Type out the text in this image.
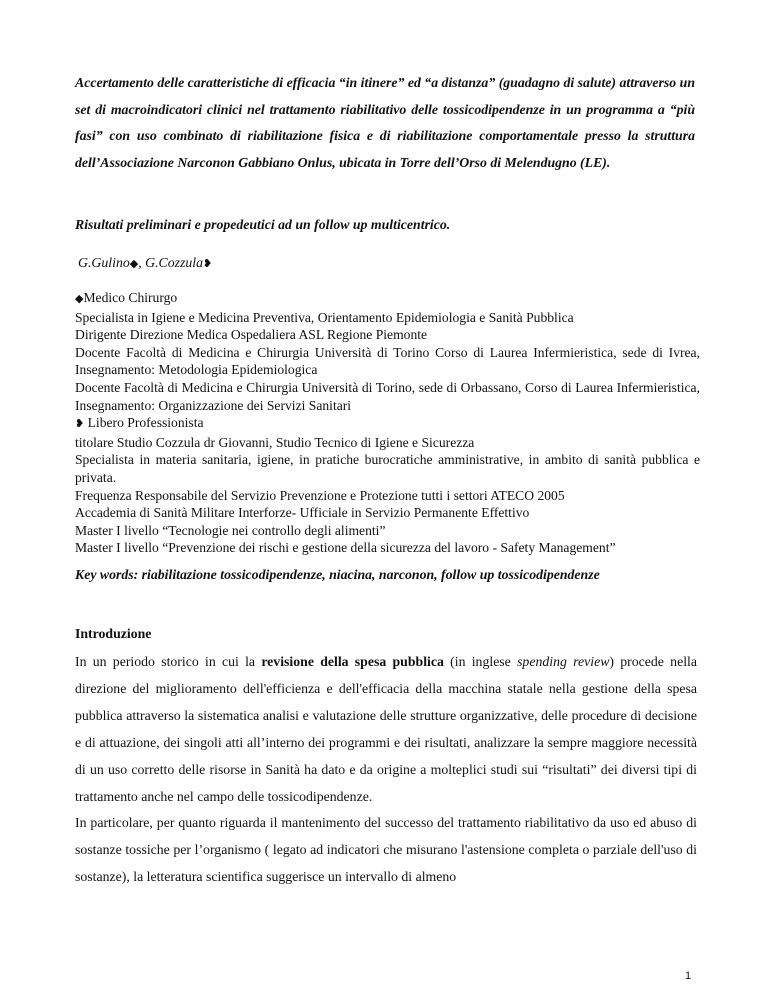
Accertamento delle caratteristiche di efficacia “in itinere” ed “a distanza” (guadagno di salute) attraverso un set di macroindicatori clinici nel trattamento riabilitativo delle tossicodipendenze in un programma a “più fasi” con uso combinato di riabilitazione fisica e di riabilitazione comportamentale presso la struttura dell’Associazione Narconon Gabbiano Onlus, ubicata in Torre dell’Orso di Melendugno (LE).
Risultati preliminari e propedeutici ad un follow up multicentrico.
G.Gulino◆, G.Cozzula❥
◆Medico Chirurgo
Specialista in Igiene e Medicina Preventiva, Orientamento Epidemiologia e Sanità Pubblica
Dirigente Direzione Medica Ospedaliera ASL Regione Piemonte
Docente Facoltà di Medicina e Chirurgia Università di Torino Corso di Laurea Infermieristica, sede di Ivrea, Insegnamento: Metodologia Epidemiologica
Docente Facoltà di Medicina e Chirurgia Università di Torino, sede di Orbassano, Corso di Laurea Infermieristica, Insegnamento: Organizzazione dei Servizi Sanitari
❥ Libero Professionista
titolare Studio Cozzula dr Giovanni, Studio Tecnico di Igiene e Sicurezza
Specialista in materia sanitaria, igiene, in pratiche burocratiche amministrative, in ambito di sanità pubblica e privata.
Frequenza Responsabile del Servizio Prevenzione e Protezione tutti i settori ATECO 2005
Accademia di Sanità Militare Interforze- Ufficiale in Servizio Permanente Effettivo
Master I livello “Tecnologie nei controllo degli alimenti”
Master I livello “Prevenzione dei rischi e gestione della sicurezza del lavoro - Safety Management”
Key words: riabilitazione tossicodipendenze, niacina, narconon, follow up tossicodipendenze
Introduzione

In un periodo storico in cui la revisione della spesa pubblica (in inglese spending review) procede nella direzione del miglioramento dell'efficienza e dell'efficacia della macchina statale nella gestione della spesa pubblica attraverso la sistematica analisi e valutazione delle strutture organizzative, delle procedure di decisione e di attuazione, dei singoli atti all’interno dei programmi e dei risultati, analizzare la sempre maggiore necessità di un uso corretto delle risorse in Sanità ha dato e da origine a molteplici studi sui “risultati” dei diversi tipi di trattamento anche nel campo delle tossicodipendenze.

In particolare, per quanto riguarda il mantenimento del successo del trattamento riabilitativo da uso ed abuso di sostanze tossiche per l’organismo ( legato ad indicatori che misurano l'astensione completa o parziale dell'uso di sostanze), la letteratura scientifica suggerisce un intervallo di almeno

1
